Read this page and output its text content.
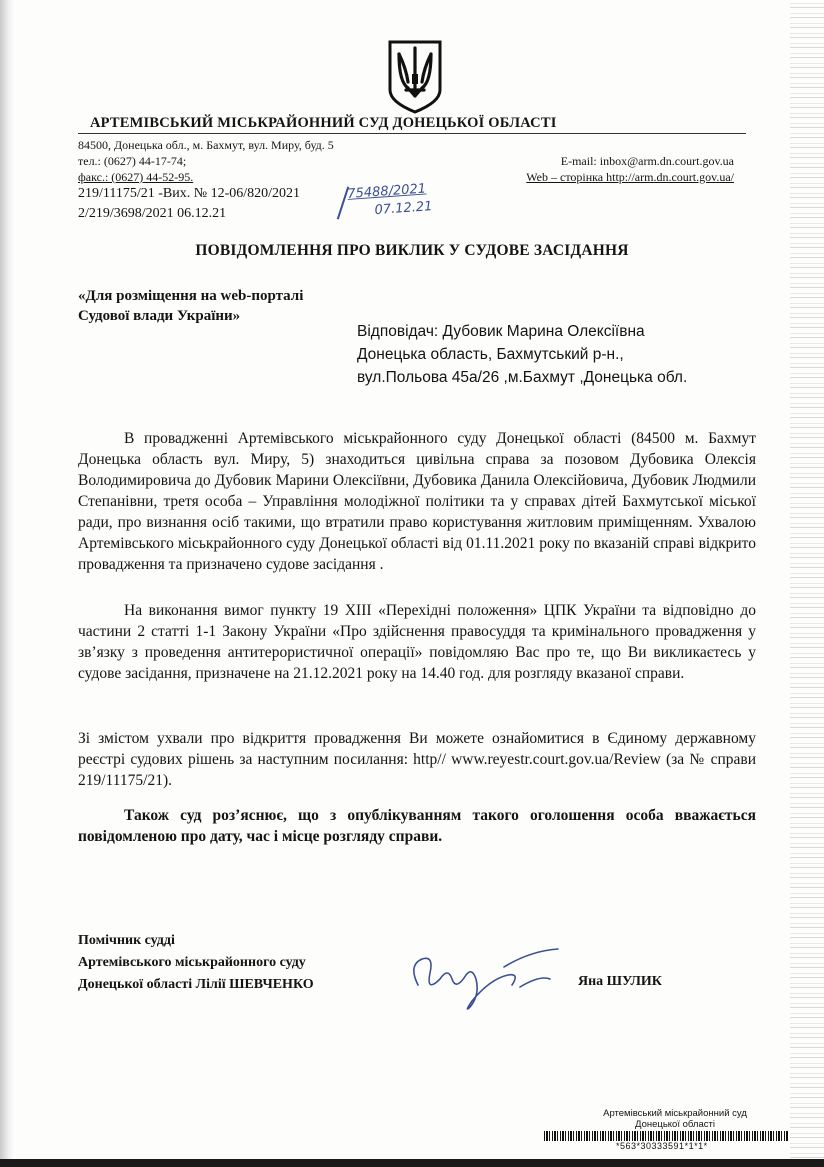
АРТЕМІВСЬКИЙ МІСЬКРАЙОННИЙ СУД ДОНЕЦЬКОЇ ОБЛАСТІ
84500, Донецька обл., м. Бахмут, вул. Миру, буд. 5
тел.: (0627) 44-17-74;
факс.: (0627) 44-52-95.
E-mail: inbox@arm.dn.court.gov.ua
Web – сторінка http://arm.dn.court.gov.ua/
219/11175/21 -Вих. № 12-06/820/2021
2/219/3698/2021 06.12.21
75488/2021
07.12.21
ПОВІДОМЛЕННЯ ПРО ВИКЛИК У СУДОВЕ ЗАСІДАННЯ
«Для розміщення на web-порталі
Судової влади України»
Відповідач: Дубовик Марина Олексіївна
Донецька область, Бахмутський р-н.,
вул.Польова 45а/26 ,м.Бахмут ,Донецька обл.
В провадженні Артемівського міськрайонного суду Донецької області (84500 м. Бахмут Донецька область вул. Миру, 5) знаходиться цивільна справа за позовом Дубовика Олексія Володимировича до Дубовик Марини Олексіївни, Дубовика Данила Олексійовича, Дубовик Людмили Степанівни, третя особа – Управління молодіжної політики та у справах дітей Бахмутської міської ради, про визнання осіб такими, що втратили право користування житловим приміщенням. Ухвалою Артемівського міськрайонного суду Донецької області від 01.11.2021 року по вказаній справі відкрито провадження та призначено судове засідання .
На виконання вимог пункту 19 XIII «Перехідні положення» ЦПК України та відповідно до частини 2 статті 1-1 Закону України «Про здійснення правосуддя та кримінального провадження у зв’язку з проведення антитерористичної операції» повідомляю Вас про те, що Ви викликаєтесь у судове засідання, призначене на 21.12.2021 року на 14.40 год. для розгляду вказаної справи.
Зі змістом ухвали про відкриття провадження Ви можете ознайомитися в Єдиному державному реєстрі судових рішень за наступним посилання: http// www.reyestr.court.gov.ua/Review (за № справи 219/11175/21).
Також суд роз’яснює, що з опублікуванням такого оголошення особа вважається повідомленою про дату, час і місце розгляду справи.
Помічник судді
Артемівського міськрайонного суду
Донецької області Лілії ШЕВЧЕНКО	Яна ШУЛИК
Артемівський міськрайонний суд
Донецької області
*563*30333591*1*1*
